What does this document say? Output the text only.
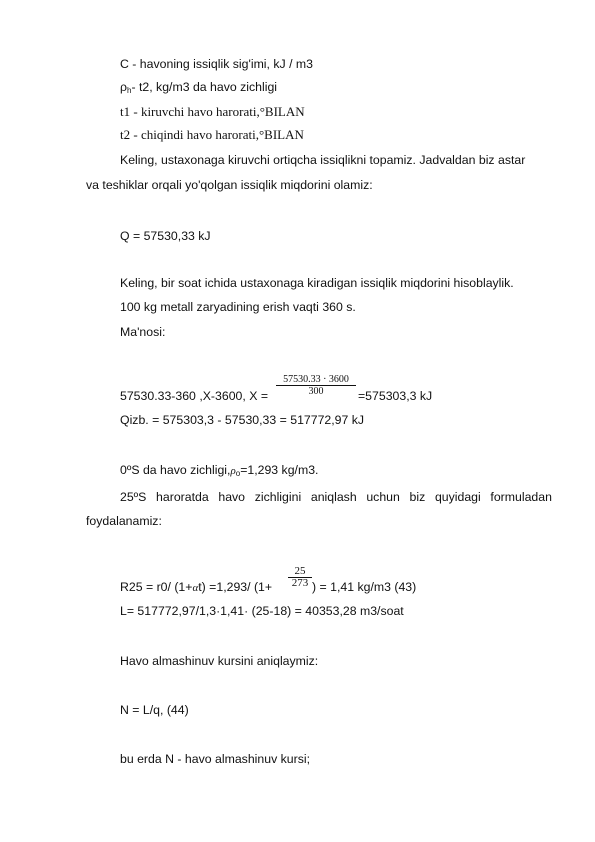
C - havoning issiqlik sig'imi, kJ / m3
$\rho_h-$ t2, kg/m3 da havo zichligi
t1 - kiruvchi havo harorati,°BILAN
t2 - chiqindi havo harorati,°BILAN
Keling, ustaxonaga kiruvchi ortiqcha issiqlikni topamiz. Jadvaldan biz astar
va teshiklar orqali yo'qolgan issiqlik miqdorini olamiz:
Q = 57530,33 kJ
Keling, bir soat ichida ustaxonaga kiradigan issiqlik miqdorini hisoblaylik.
100 kg metall zaryadining erish vaqti 360 s.
Ma'nosi:
57530.33-360 ,X-3600, $X = \frac{57530.33 \cdot 3600}{300} =575303,3$ kJ
Qizb. = 575303,3 - 57530,33 = 517772,97 kJ
0ºS da havo $zichligi,\rho_o=1,293$ kg/m3.
25ºS haroratda havo zichligini aniqlash uchun biz quyidagi formuladan
foydalanamiz:
R25 = r0/ (1+αt) =1,293/ ($1+ \frac{25}{273}$ ) = 1,41 kg/m3 (43)
L= 517772,97/1,3·1,41· (25-18) = 40353,28 m3/soat
Havo almashinuv kursini aniqlaymiz:
N = L/q, (44)
bu erda N - havo almashinuv kursi;
